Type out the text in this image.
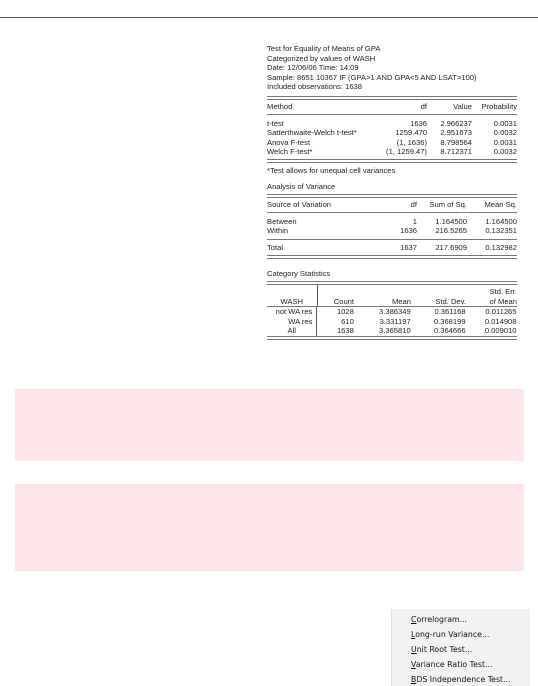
Test for Equality of Means of GPA
Categorized by values of WASH
Date: 12/06/06 Time: 14:09
Sample: 8651 10367 IF (GPA>1 AND GPA<5 AND LSAT>100)
Included observations: 1638
Method	df	Value	Probability
t-test	1636	2.966237	0.0031
Satterthwaite-Welch t-test*	1259.470	2.951673	0.0032
Anova F-test	(1, 1636)	8.798564	0.0031
Welch F-test*	(1, 1259.47)	8.712371	0.0032
*Test allows for unequal cell variances
Analysis of Variance
Source of Variation	df	Sum of Sq.	Mean Sq.
Between	1	1.164500	1.164500
Within	1636	216.5265	0.132351
Total	1637	217.6909	0.132982
Category Statistics
				Std. Err.
WASH	Count	Mean	Std. Dev.	of Mean
not WA res	1028	3.386349	0.361168	0.011265
WA res	610	3.331197	0.368199	0.014908
All	1638	3.365810	0.364666	0.009010
Correlogram...
Long-run Variance...
Unit Root Test...
Variance Ratio Test...
BDS Independence Test...
